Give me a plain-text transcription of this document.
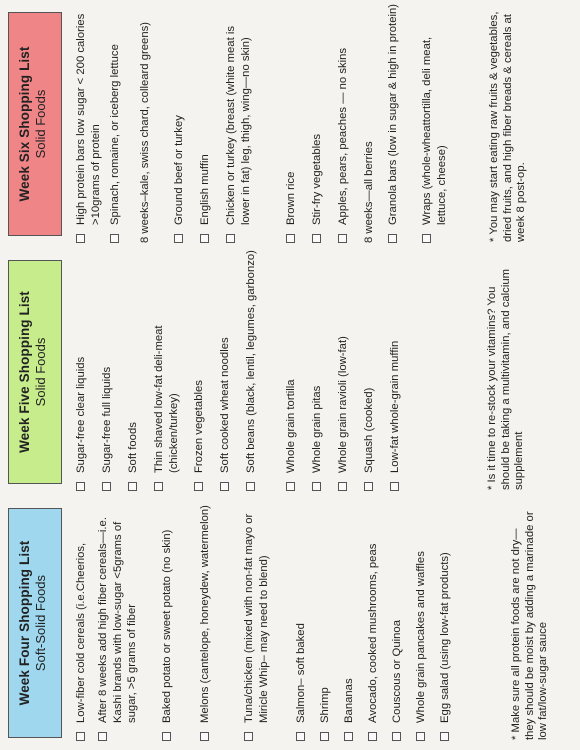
Week Four Shopping List Soft-Solid Foods Low-fiber cold cereals (i.e.Cheerios, After 8 weeks add high fiber cereals—i.e. Kashi brands with low-sugar <5grams of sugar, >5 grams of fiber Baked potato or sweet potato (no skin) Melons (cantelope, honeydew, watermelon)	Tuna/chicken (mixed with non-fat mayo or Miricle Whip– may need to blend) Salmon– soft baked Shrimp Bananas Avocado, cooked mushrooms, peas Couscous or Quinoa Whole grain pancakes and waffles Egg salad (using low-fat products)	* Make sure all protein foods are not dry—they should be moist by adding a marinade or low fat/low-sugar sauce
Week Five Shopping List Solid Foods Sugar-free clear liquids Sugar-free full liquids Soft foods Thin shaved low-fat deli-meat (chicken/turkey) Frozen vegetables Soft cooked wheat noodles Soft beans (black, lentil, legumes, garbonzo) Whole grain tortilla Whole grain pitas Whole grain ravioli (low-fat) Squash (cooked) Low-fat whole-grain muffin	* Is it time to re-stock your vitamins? You should be taking a multivitamin, and calcium supplement
Week Six Shopping List Solid Foods High protein bars low sugar < 200 calories >10grams of protein Spinach, romaine, or iceberg lettuce 8 weeks–kale, swiss chard, colleard greens) Ground beef or turkey English muffin Chicken or turkey (breast (white meat is lower in fat) leg, thigh, wing—no skin)	Brown rice Stir-fry vegetables Apples, pears, peaches — no skins 8 weeks—all berries Granola bars (low in sugar & high in protein) Wraps (whole-wheattortilla, deli meat, lettuce, cheese)	* You may start eating raw fruits & vegetables, dried fruits, and high fiber breads & cereals at week 8 post-op.
